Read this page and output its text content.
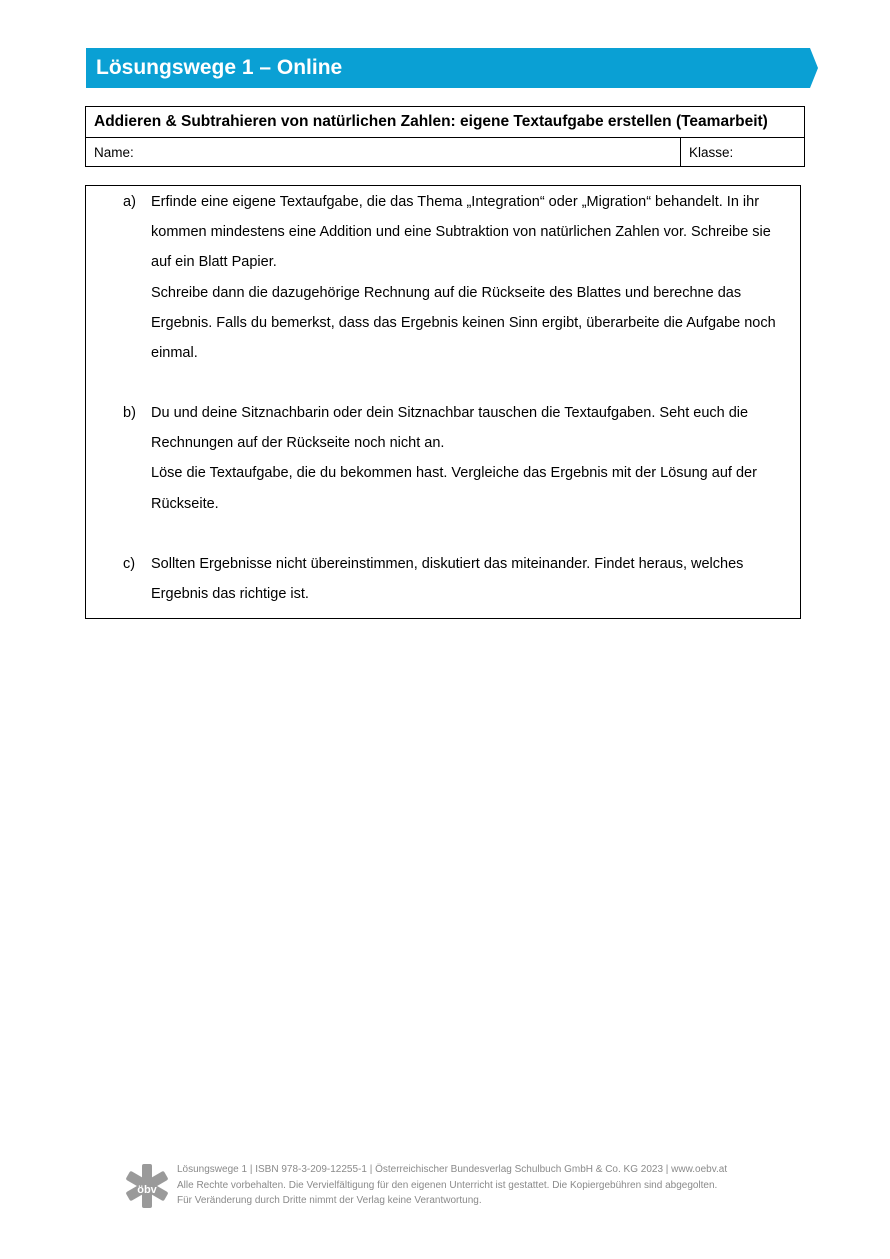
Lösungswege 1 – Online
Addieren & Subtrahieren von natürlichen Zahlen: eigene Textaufgabe erstellen (Teamarbeit)
Name:	Klasse:
a) Erfinde eine eigene Textaufgabe, die das Thema „Integration“ oder „Migration“ behandelt. In ihr kommen mindestens eine Addition und eine Subtraktion von natürlichen Zahlen vor. Schreibe sie auf ein Blatt Papier.

Schreibe dann die dazugehörige Rechnung auf die Rückseite des Blattes und berechne das Ergebnis. Falls du bemerkst, dass das Ergebnis keinen Sinn ergibt, überarbeite die Aufgabe noch einmal.

b) Du und deine Sitznachbarin oder dein Sitznachbar tauschen die Textaufgaben. Seht euch die Rechnungen auf der Rückseite noch nicht an.

Löse die Textaufgabe, die du bekommen hast. Vergleiche das Ergebnis mit der Lösung auf der Rückseite.

c) Sollten Ergebnisse nicht übereinstimmen, diskutiert das miteinander. Findet heraus, welches Ergebnis das richtige ist.

öbv
Lösungswege 1 | ISBN 978-3-209-12255-1 | Österreichischer Bundesverlag Schulbuch GmbH & Co. KG 2023 | www.oebv.at
Alle Rechte vorbehalten. Die Vervielfältigung für den eigenen Unterricht ist gestattet. Die Kopiergebühren sind abgegolten.
Für Veränderung durch Dritte nimmt der Verlag keine Verantwortung.
